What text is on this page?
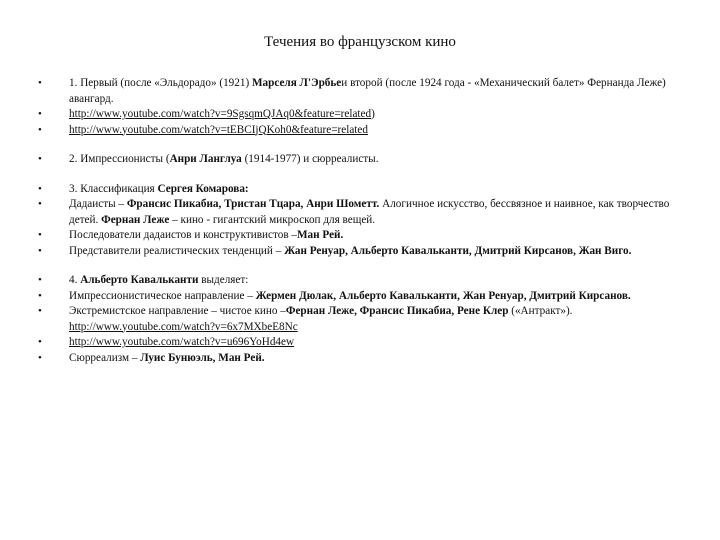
Течения во французском кино
• 1. Первый (после «Эльдорадо» (1921) Марселя Л'Эрбьеи второй (после 1924 года - «Механический балет» Фернанда Леже) авангард.
• http://www.youtube.com/watch?v=9SgsqmQJAq0&feature=related)
• http://www.youtube.com/watch?v=tEBCIjQKoh0&feature=related
• 2. Импрессионисты (Анри Ланглуа (1914-1977) и сюрреалисты.
• 3. Классификация Сергея Комарова:
• Дадаисты – Франсис Пикабиа, Тристан Тцара, Анри Шометт. Алогичное искусство, бессвязное и наивное, как творчество детей. Фернан Леже – кино - гигантский микроскоп для вещей.
• Последователи дадаистов и конструктивистов –Ман Рей.
• Представители реалистических тенденций – Жан Ренуар, Альберто Кавальканти, Дмитрий Кирсанов, Жан Виго.
• 4. Альберто Кавальканти выделяет:
• Импрессионистическое направление – Жермен Дюлак, Альберто Кавальканти, Жан Ренуар, Дмитрий Кирсанов.
• Экстремистское направление – чистое кино –Фернан Леже, Франсис Пикабиа, Рене Клер («Антракт»). http://www.youtube.com/watch?v=6x7MXbeE8Nc
• http://www.youtube.com/watch?v=u696YoHd4ew
• Сюрреализм – Луис Бунюэль, Ман Рей.
